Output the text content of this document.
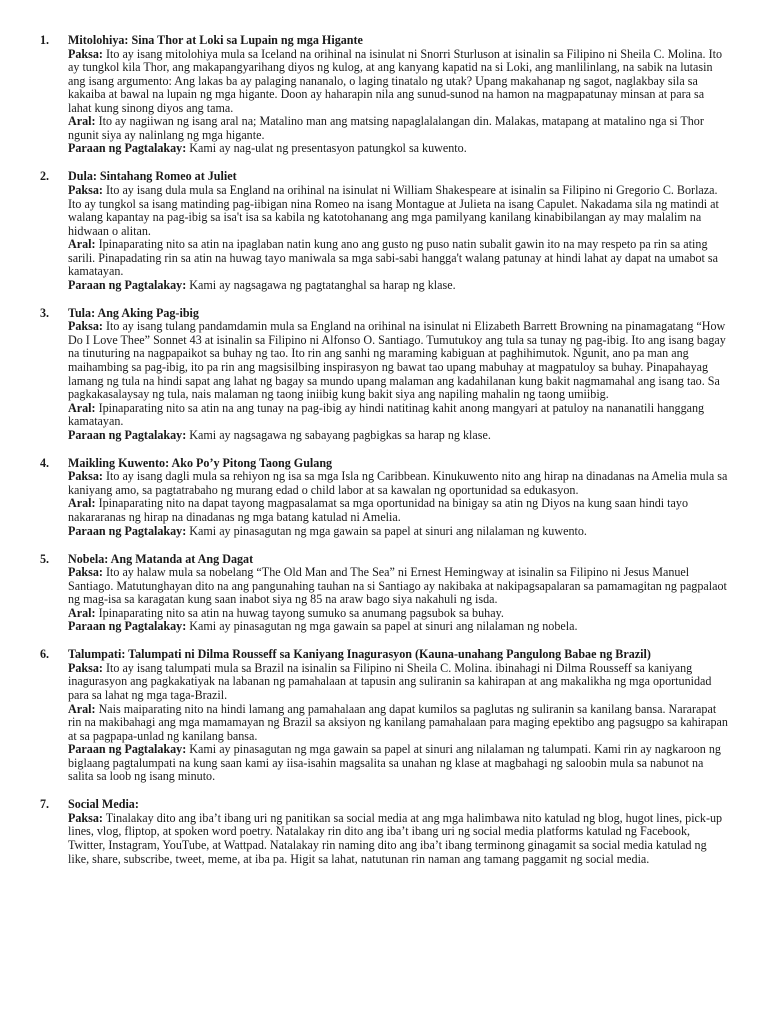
1. Mitolohiya: Sina Thor at Loki sa Lupain ng mga Higante
Paksa: Ito ay isang mitolohiya mula sa Iceland na orihinal na isinulat ni Snorri Sturluson at isinalin sa Filipino ni Sheila C. Molina. Ito ay tungkol kila Thor, ang makapangyarihang diyos ng kulog, at ang kanyang kapatid na si Loki, ang manlilinlang, na sabik na lutasin ang isang argumento: Ang lakas ba ay palaging nananalo, o laging tinatalo ng utak? Upang makahanap ng sagot, naglakbay sila sa kakaiba at bawal na lupain ng mga higante. Doon ay haharapin nila ang sunud-sunod na hamon na magpapatunay minsan at para sa lahat kung sinong diyos ang tama.
Aral: Ito ay nagiiwan ng isang aral na; Matalino man ang matsing napaglalalangan din. Malakas, matapang at matalino nga si Thor ngunit siya ay nalinlang ng mga higante.
Paraan ng Pagtalakay: Kami ay nag-ulat ng presentasyon patungkol sa kuwento.
2. Dula: Sintahang Romeo at Juliet
Paksa: Ito ay isang dula mula sa England na orihinal na isinulat ni William Shakespeare at isinalin sa Filipino ni Gregorio C. Borlaza. Ito ay tungkol sa isang matinding pag-iibigan nina Romeo na isang Montague at Julieta na isang Capulet. Nakadama sila ng matindi at walang kapantay na pag-ibig sa isa't isa sa kabila ng katotohanang ang mga pamilyang kanilang kinabibilangan ay may malalim na hidwaan o alitan.
Aral: Ipinaparating nito sa atin na ipaglaban natin kung ano ang gusto ng puso natin subalit gawin ito na may respeto pa rin sa ating sarili. Pinapadating rin sa atin na huwag tayo maniwala sa mga sabi-sabi hangga't walang patunay at hindi lahat ay dapat na umabot sa kamatayan.
Paraan ng Pagtalakay: Kami ay nagsagawa ng pagtatanghal sa harap ng klase.
3. Tula: Ang Aking Pag-ibig
Paksa: Ito ay isang tulang pandamdamin mula sa England na orihinal na isinulat ni Elizabeth Barrett Browning na pinamagatang “How Do I Love Thee” Sonnet 43 at isinalin sa Filipino ni Alfonso O. Santiago. Tumutukoy ang tula sa tunay ng pag-ibig. Ito ang isang bagay na tinuturing na nagpapaikot sa buhay ng tao. Ito rin ang sanhi ng maraming kabiguan at paghihimutok. Ngunit, ano pa man ang maihambing sa pag-ibig, ito pa rin ang magsisilbing inspirasyon ng bawat tao upang mabuhay at magpatuloy sa buhay. Pinapahayag lamang ng tula na hindi sapat ang lahat ng bagay sa mundo upang malaman ang kadahilanan kung bakit nagmamahal ang isang tao. Sa pagkakasalaysay ng tula, nais malaman ng taong iniibig kung bakit siya ang napiling mahalin ng taong umiibig.
Aral: Ipinaparating nito sa atin na ang tunay na pag-ibig ay hindi natitinag kahit anong mangyari at patuloy na nananatili hanggang kamatayan.
Paraan ng Pagtalakay: Kami ay nagsagawa ng sabayang pagbigkas sa harap ng klase.
4. Maikling Kuwento: Ako Po’y Pitong Taong Gulang
Paksa: Ito ay isang dagli mula sa rehiyon ng isa sa mga Isla ng Caribbean. Kinukuwento nito ang hirap na dinadanas na Amelia mula sa kaniyang amo, sa pagtatrabaho ng murang edad o child labor at sa kawalan ng oportunidad sa edukasyon.
Aral: Ipinaparating nito na dapat tayong magpasalamat sa mga oportunidad na binigay sa atin ng Diyos na kung saan hindi tayo nakararanas ng hirap na dinadanas ng mga batang katulad ni Amelia.
Paraan ng Pagtalakay: Kami ay pinasagutan ng mga gawain sa papel at sinuri ang nilalaman ng kuwento.
5. Nobela: Ang Matanda at Ang Dagat
Paksa: Ito ay halaw mula sa nobelang “The Old Man and The Sea” ni Ernest Hemingway at isinalin sa Filipino ni Jesus Manuel Santiago. Matutunghayan dito na ang pangunahing tauhan na si Santiago ay nakibaka at nakipagsapalaran sa pamamagitan ng pagpalaot ng mag-isa sa karagatan kung saan inabot siya ng 85 na araw bago siya nakahuli ng isda.
Aral: Ipinaparating nito sa atin na huwag tayong sumuko sa anumang pagsubok sa buhay.
Paraan ng Pagtalakay: Kami ay pinasagutan ng mga gawain sa papel at sinuri ang nilalaman ng nobela.
6. Talumpati: Talumpati ni Dilma Rousseff sa Kaniyang Inagurasyon (Kauna-unahang Pangulong Babae ng Brazil)
Paksa: Ito ay isang talumpati mula sa Brazil na isinalin sa Filipino ni Sheila C. Molina. ibinahagi ni Dilma Rousseff sa kaniyang inagurasyon ang pagkakatiyak na labanan ng pamahalaan at tapusin ang suliranin sa kahirapan at ang makalikha ng mga oportunidad para sa lahat ng mga taga-Brazil.
Aral: Nais maiparating nito na hindi lamang ang pamahalaan ang dapat kumilos sa paglutas ng suliranin sa kanilang bansa. Nararapat rin na makibahagi ang mga mamamayan ng Brazil sa aksiyon ng kanilang pamahalaan para maging epektibo ang pagsugpo sa kahirapan at sa pagpapa-unlad ng kanilang bansa.
Paraan ng Pagtalakay: Kami ay pinasagutan ng mga gawain sa papel at sinuri ang nilalaman ng talumpati. Kami rin ay nagkaroon ng biglaang pagtalumpati na kung saan kami ay iisa-isahin magsalita sa unahan ng klase at magbahagi ng saloobin mula sa nabunot na salita sa loob ng isang minuto.
7. Social Media:
Paksa: Tinalakay dito ang iba’t ibang uri ng panitikan sa social media at ang mga halimbawa nito katulad ng blog, hugot lines, pick-up lines, vlog, fliptop, at spoken word poetry. Natalakay rin dito ang iba’t ibang uri ng social media platforms katulad ng Facebook, Twitter, Instagram, YouTube, at Wattpad. Natalakay rin naming dito ang iba’t ibang terminong ginagamit sa social media katulad ng like, share, subscribe, tweet, meme, at iba pa. Higit sa lahat, natutunan rin naman ang tamang paggamit ng social media.
